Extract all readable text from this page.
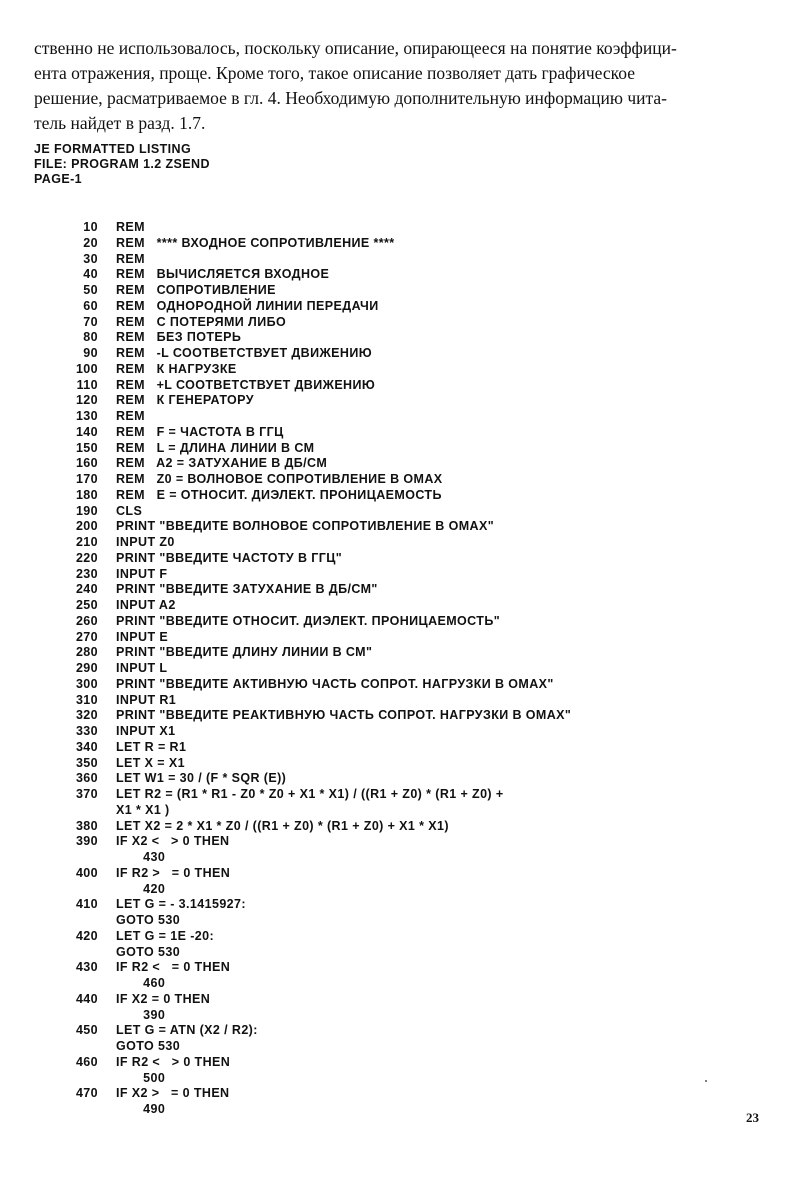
ственно не использовалось, поскольку описание, опирающееся на понятие коэффици-

ента отражения, проще. Кроме того, такое описание позволяет дать графическое

решение, расматриваемое в гл. 4. Необходимую дополнительную информацию чита-

тель найдет в разд. 1.7.

JE FORMATTED LISTING
FILE: PROGRAM 1.2 ZSEND
PAGE-1
10 REM
20 REM   **** ВХОДНОЕ СОПРОТИВЛЕНИЕ ****
30 REM
40 REM   ВЫЧИСЛЯЕТСЯ ВХОДНОЕ
50 REM   СОПРОТИВЛЕНИЕ
60 REM   ОДНОРОДНОЙ ЛИНИИ ПЕРЕДАЧИ
70 REM   С ПОТЕРЯМИ ЛИБО
80 REM   БЕЗ ПОТЕРЬ
90 REM   -L СООТВЕТСТВУЕТ ДВИЖЕНИЮ
100 REM   К НАГРУЗКЕ
110 REM   +L СООТВЕТСТВУЕТ ДВИЖЕНИЮ
120 REM   К ГЕНЕРАТОРУ
130 REM
140 REM   F = ЧАСТОТА В ГГЦ
150 REM   L = ДЛИНА ЛИНИИ В СМ
160 REM   A2 = ЗАТУХАНИЕ В ДБ/СМ
170 REM   Z0 = ВОЛНОВОЕ СОПРОТИВЛЕНИЕ В ОМАХ
180 REM   E = ОТНОСИТ. ДИЭЛЕКТ. ПРОНИЦАЕМОСТЬ
190 CLS
200 PRINT "ВВЕДИТЕ ВОЛНОВОЕ СОПРОТИВЛЕНИЕ В ОМАХ"
210 INPUT Z0
220 PRINT "ВВЕДИТЕ ЧАСТОТУ В ГГЦ"
230 INPUT F
240 PRINT "ВВЕДИТЕ ЗАТУХАНИЕ В ДБ/СМ"
250 INPUT A2
260 PRINT "ВВЕДИТЕ ОТНОСИТ. ДИЭЛЕКТ. ПРОНИЦАЕМОСТЬ"
270 INPUT E
280 PRINT "ВВЕДИТЕ ДЛИНУ ЛИНИИ В СМ"
290 INPUT L
300 PRINT "ВВЕДИТЕ АКТИВНУЮ ЧАСТЬ СОПРОТ. НАГРУЗКИ В ОМАХ"
310 INPUT R1
320 PRINT "ВВЕДИТЕ РЕАКТИВНУЮ ЧАСТЬ СОПРОТ. НАГРУЗКИ В ОМАХ"
330 INPUT X1
340 LET R = R1
350 LET X = X1
360 LET W1 = 30 / (F * SQR (E))
370 LET R2 = (R1 * R1 - Z0 * Z0 + X1 * X1) / ((R1 + Z0) * (R1 + Z0) +
X1 * X1 )
380 LET X2 = 2 * X1 * Z0 / ((R1 + Z0) * (R1 + Z0) + X1 * X1)
390 IF X2 <   > 0 THEN
430
400 IF R2 >   = 0 THEN
420
410 LET G = - 3.1415927:
GOTO 530
420 LET G = 1E -20:
GOTO 530
430 IF R2 <   = 0 THEN
460
440 IF X2 = 0 THEN
390
450 LET G = ATN (X2 / R2):
GOTO 530
460 IF R2 <   > 0 THEN
500
470 IF X2 >   = 0 THEN
490
23
